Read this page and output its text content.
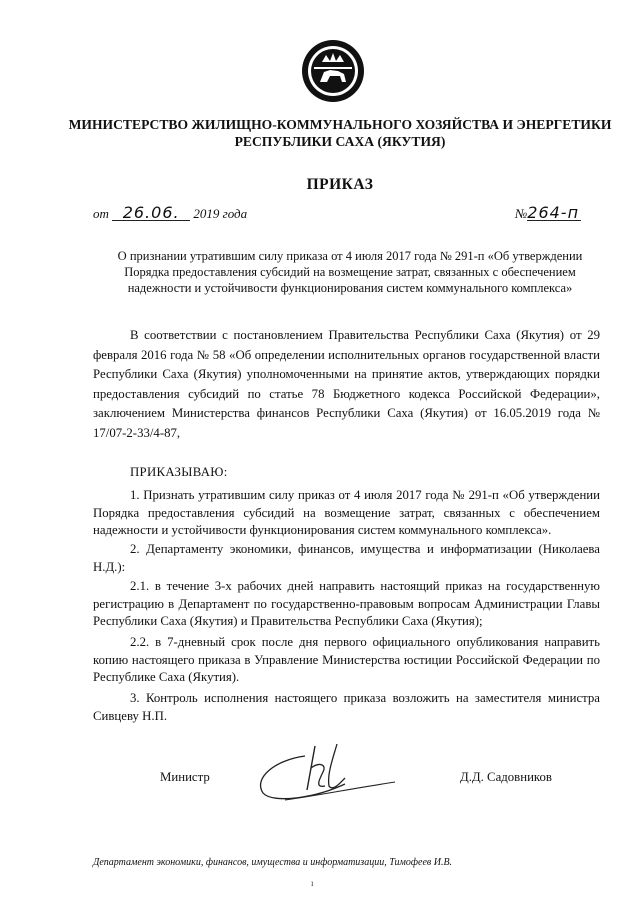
МИНИСТЕРСТВО ЖИЛИЩНО-КОММУНАЛЬНОГО ХОЗЯЙСТВА И ЭНЕРГЕТИКИ
РЕСПУБЛИКИ САХА (ЯКУТИЯ)
ПРИКАЗ
от 26.06. 2019 года	№264-п
О признании утратившим силу приказа от 4 июля 2017 года № 291-п «Об утверждении Порядка предоставления субсидий на возмещение затрат, связанных с обеспечением надежности и устойчивости функционирования систем коммунального комплекса»
В соответствии с постановлением Правительства Республики Саха (Якутия) от 29 февраля 2016 года № 58 «Об определении исполнительных органов государственной власти Республики Саха (Якутия) уполномоченными на принятие актов, утверждающих порядки предоставления субсидий по статье 78 Бюджетного кодекса Российской Федерации», заключением Министерства финансов Республики Саха (Якутия) от 16.05.2019 года № 17/07-2-33/4-87,
ПРИКАЗЫВАЮ:
1. Признать утратившим силу приказ от 4 июля 2017 года № 291-п «Об утверждении Порядка предоставления субсидий на возмещение затрат, связанных с обеспечением надежности и устойчивости функционирования систем коммунального комплекса».
2. Департаменту экономики, финансов, имущества и информатизации (Николаева Н.Д.):
2.1. в течение 3-х рабочих дней направить настоящий приказ на государственную регистрацию в Департамент по государственно-правовым вопросам Администрации Главы Республики Саха (Якутия) и Правительства Республики Саха (Якутия);
2.2. в 7-дневный срок после дня первого официального опубликования направить копию настоящего приказа в Управление Министерства юстиции Российской Федерации по Республике Саха (Якутия).
3. Контроль исполнения настоящего приказа возложить на заместителя министра Сивцеву Н.П.
Министр	Д.Д. Садовников
Департамент экономики, финансов, имущества и информатизации, Тимофеев И.В.
ı
